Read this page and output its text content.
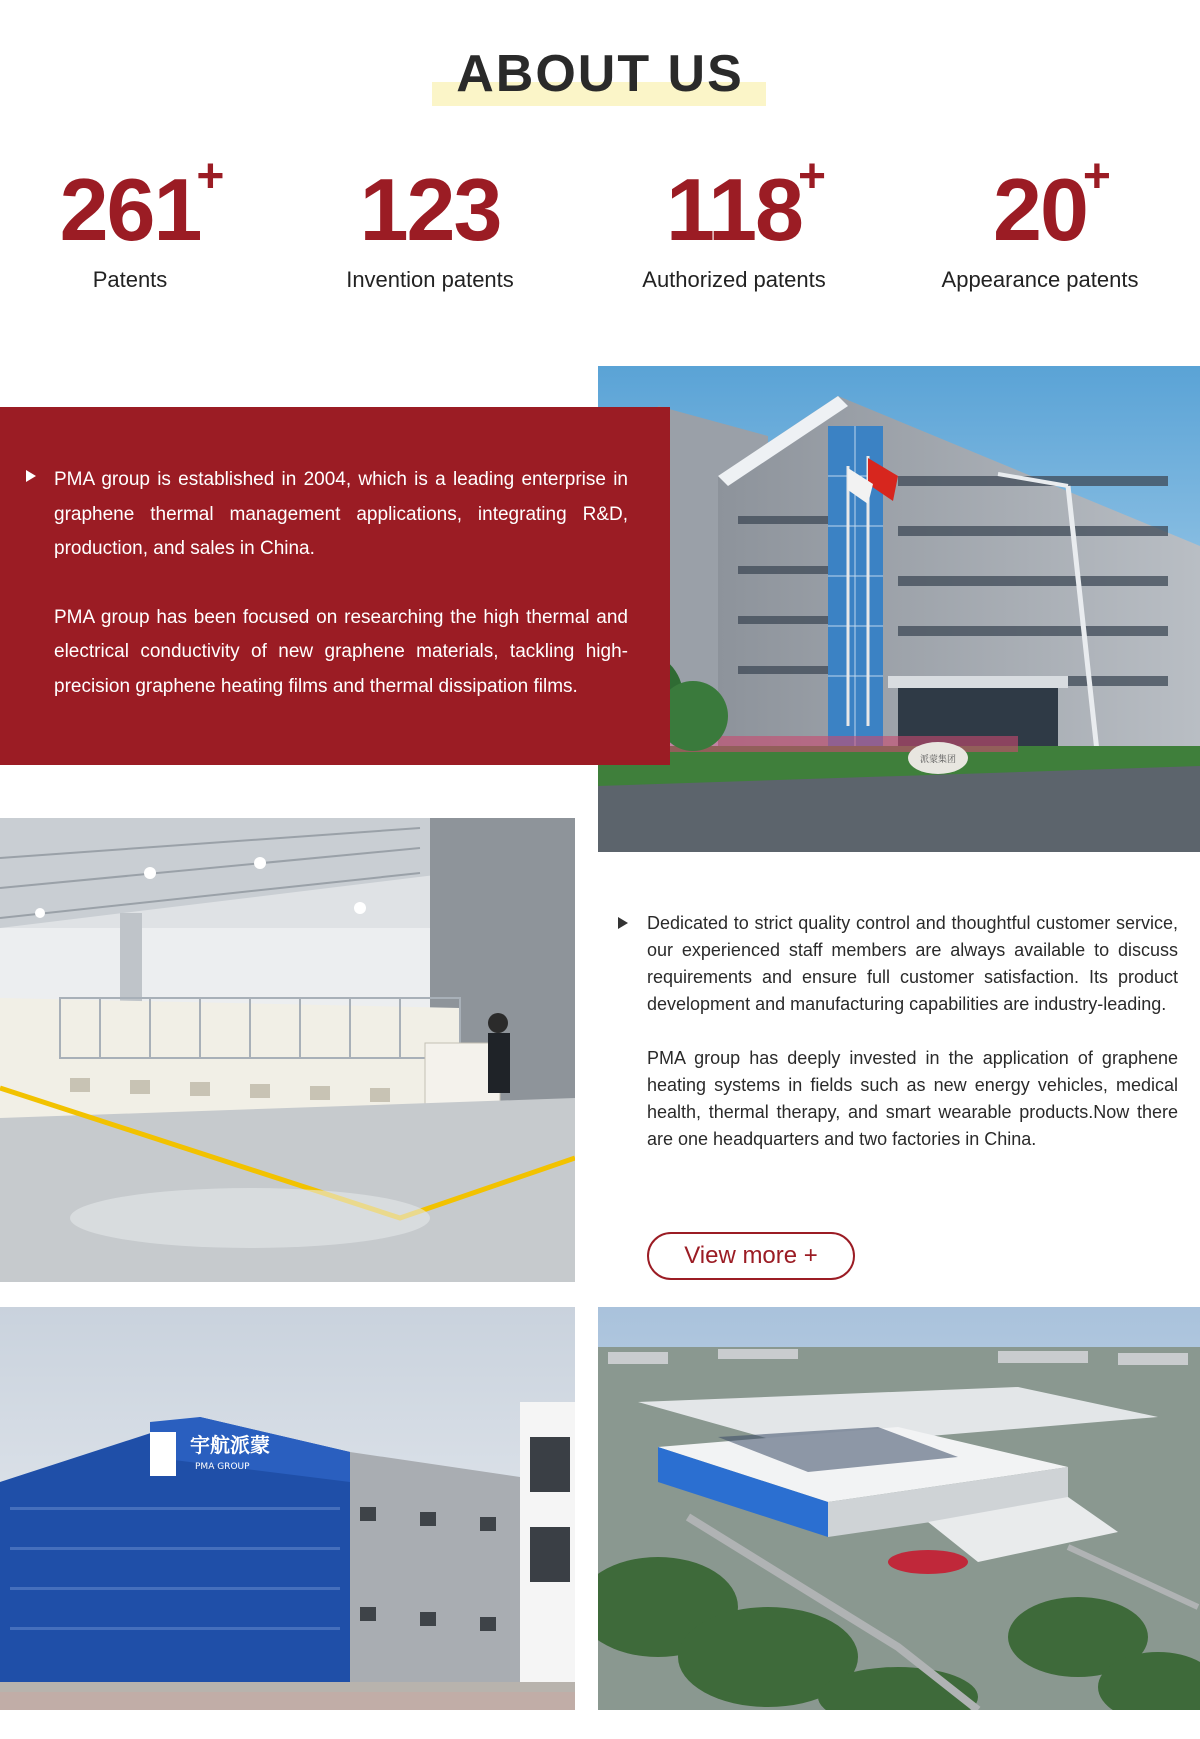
ABOUT US
261
+
Patents
123
Invention patents
118
+
Authorized patents
20
+
Appearance patents
派蒙集团

PMA group is established in 2004, which is a leading enterprise in graphene thermal management applications, integrating R&D, production, and sales in China.

PMA group has been focused on researching the high thermal and electrical conductivity of new graphene materials, tackling high-precision graphene heating films and thermal dissipation films.

Dedicated to strict quality control and thoughtful customer service, our experienced staff members are always available to discuss requirements and ensure full customer satisfaction. Its product development and manufacturing capabilities are industry-leading.

PMA group has deeply invested in the application of graphene heating systems in fields such as new energy vehicles, medical health, thermal therapy, and smart wearable products.Now there are one headquarters and two factories in China.

View more +
宇航派蒙
PMA GROUP
